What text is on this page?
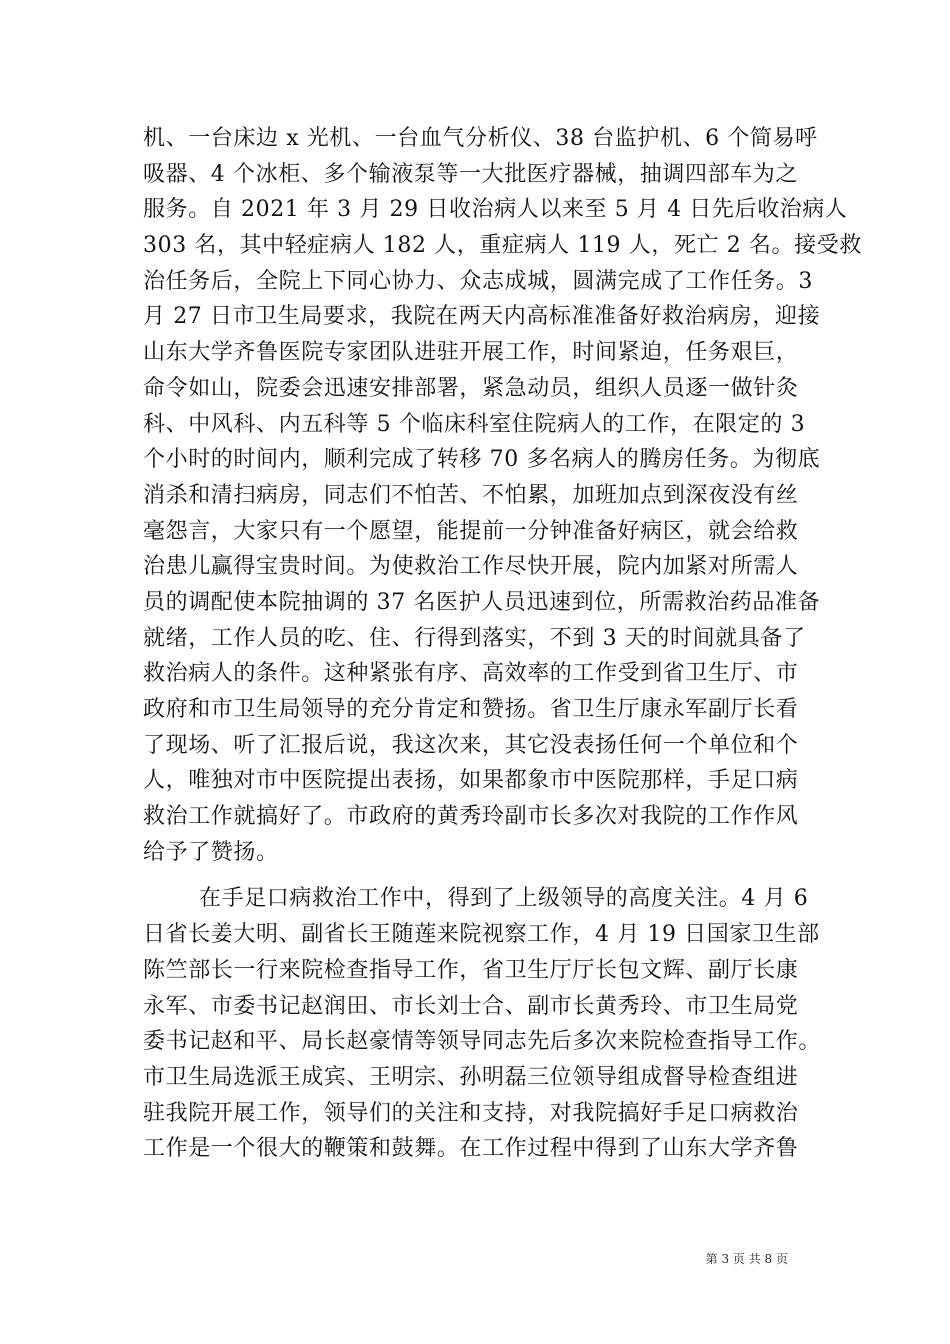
机、一台床边 x 光机、一台血气分析仪、38 台监护机、6 个简易呼
吸器、4 个冰柜、多个输液泵等一大批医疗器械，抽调四部车为之
服务。自 2021 年 3 月 29 日收治病人以来至 5 月 4 日先后收治病人
303 名，其中轻症病人 182 人，重症病人 119 人，死亡 2 名。接受救
治任务后，全院上下同心协力、众志成城，圆满完成了工作任务。3
月 27 日市卫生局要求，我院在两天内高标准准备好救治病房，迎接
山东大学齐鲁医院专家团队进驻开展工作，时间紧迫，任务艰巨，
命令如山，院委会迅速安排部署，紧急动员，组织人员逐一做针灸
科、中风科、内五科等 5 个临床科室住院病人的工作，在限定的 3
个小时的时间内，顺利完成了转移 70 多名病人的腾房任务。为彻底
消杀和清扫病房，同志们不怕苦、不怕累，加班加点到深夜没有丝
毫怨言，大家只有一个愿望，能提前一分钟准备好病区，就会给救
治患儿赢得宝贵时间。为使救治工作尽快开展，院内加紧对所需人
员的调配使本院抽调的 37 名医护人员迅速到位，所需救治药品准备
就绪，工作人员的吃、住、行得到落实，不到 3 天的时间就具备了
救治病人的条件。这种紧张有序、高效率的工作受到省卫生厅、市
政府和市卫生局领导的充分肯定和赞扬。省卫生厅康永军副厅长看
了现场、听了汇报后说，我这次来，其它没表扬任何一个单位和个
人，唯独对市中医院提出表扬，如果都象市中医院那样，手足口病
救治工作就搞好了。市政府的黄秀玲副市长多次对我院的工作作风
给予了赞扬。
在手足口病救治工作中，得到了上级领导的高度关注。4 月 6
日省长姜大明、副省长王随莲来院视察工作，4 月 19 日国家卫生部
陈竺部长一行来院检查指导工作，省卫生厅厅长包文辉、副厅长康
永军、市委书记赵润田、市长刘士合、副市长黄秀玲、市卫生局党
委书记赵和平、局长赵豪情等领导同志先后多次来院检查指导工作。
市卫生局选派王成宾、王明宗、孙明磊三位领导组成督导检查组进
驻我院开展工作，领导们的关注和支持，对我院搞好手足口病救治
工作是一个很大的鞭策和鼓舞。在工作过程中得到了山东大学齐鲁
第 3 页 共 8 页
